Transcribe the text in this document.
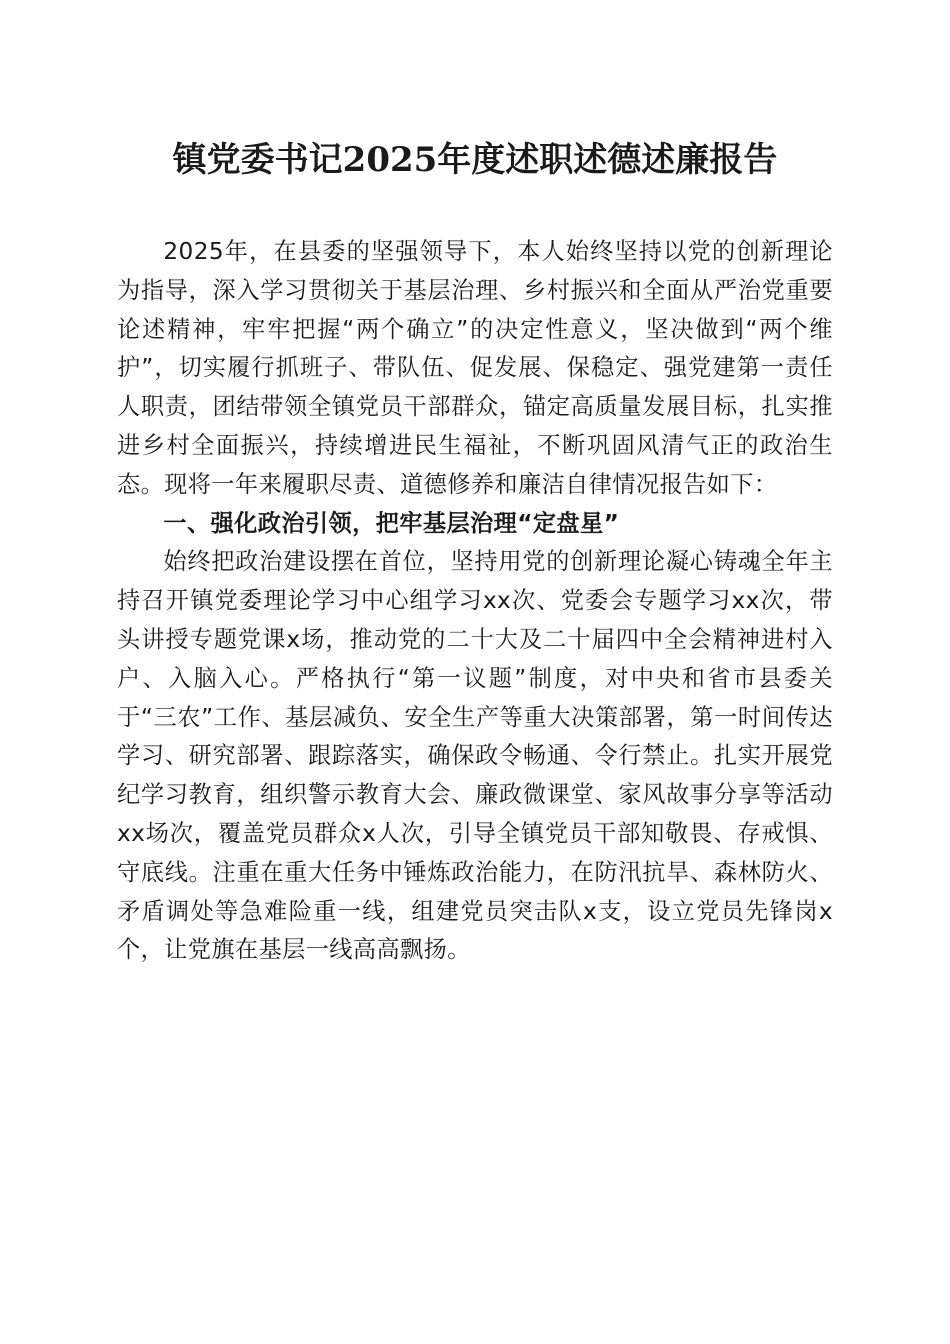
镇党委书记2025年度述职述德述廉报告

2025年，在县委的坚强领导下，本人始终坚持以党的创新理论为指导，深入学习贯彻关于基层治理、乡村振兴和全面从严治党重要论述精神，牢牢把握“两个确立”的决定性意义，坚决做到“两个维护”，切实履行抓班子、带队伍、促发展、保稳定、强党建第一责任人职责，团结带领全镇党员干部群众，锚定高质量发展目标，扎实推进乡村全面振兴，持续增进民生福祉，不断巩固风清气正的政治生态。现将一年来履职尽责、道德修养和廉洁自律情况报告如下：

一、强化政治引领，把牢基层治理“定盘星”

始终把政治建设摆在首位，坚持用党的创新理论凝心铸魂全年主持召开镇党委理论学习中心组学习xx次、党委会专题学习xx次，带头讲授专题党课x场，推动党的二十大及二十届四中全会精神进村入户、入脑入心。严格执行“第一议题”制度，对中央和省市县委关于“三农”工作、基层减负、安全生产等重大决策部署，第一时间传达学习、研究部署、跟踪落实，确保政令畅通、令行禁止。扎实开展党纪学习教育，组织警示教育大会、廉政微课堂、家风故事分享等活动xx场次，覆盖党员群众x人次，引导全镇党员干部知敬畏、存戒惧、守底线。注重在重大任务中锤炼政治能力，在防汛抗旱、森林防火、矛盾调处等急难险重一线，组建党员突击队x支，设立党员先锋岗x个，让党旗在基层一线高高飘扬。
